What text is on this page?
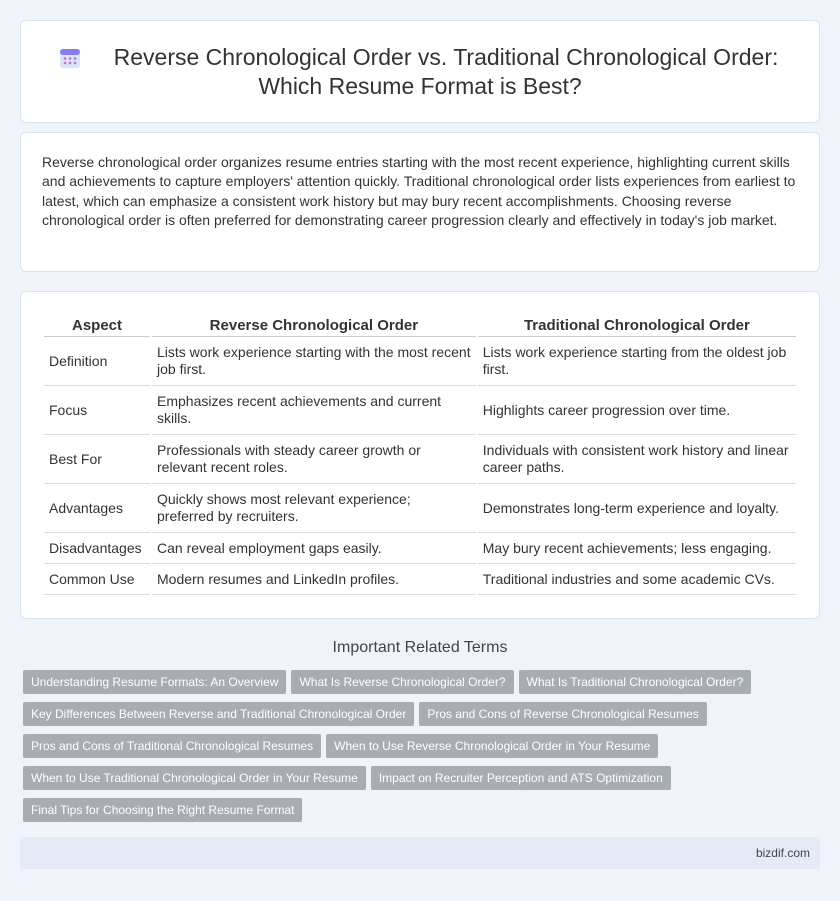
Reverse Chronological Order vs. Traditional Chronological Order:
Which Resume Format is Best?
Reverse chronological order organizes resume entries starting with the most recent experience, highlighting current skills and achievements to capture employers' attention quickly. Traditional chronological order lists experiences from earliest to latest, which can emphasize a consistent work history but may bury recent accomplishments. Choosing reverse chronological order is often preferred for demonstrating career progression clearly and effectively in today's job market.
Aspect	Reverse Chronological Order	Traditional Chronological Order
Definition	Lists work experience starting with the most recent job first.	Lists work experience starting from the oldest job first.
Focus	Emphasizes recent achievements and current skills.	Highlights career progression over time.
Best For	Professionals with steady career growth or relevant recent roles.	Individuals with consistent work history and linear career paths.
Advantages	Quickly shows most relevant experience; preferred by recruiters.	Demonstrates long-term experience and loyalty.
Disadvantages	Can reveal employment gaps easily.	May bury recent achievements; less engaging.
Common Use	Modern resumes and LinkedIn profiles.	Traditional industries and some academic CVs.
Important Related Terms
Understanding Resume Formats: An Overview What Is Reverse Chronological Order? What Is Traditional Chronological Order?
Key Differences Between Reverse and Traditional Chronological Order Pros and Cons of Reverse Chronological Resumes
Pros and Cons of Traditional Chronological Resumes When to Use Reverse Chronological Order in Your Resume
When to Use Traditional Chronological Order in Your Resume Impact on Recruiter Perception and ATS Optimization
Final Tips for Choosing the Right Resume Format
bizdif.com
